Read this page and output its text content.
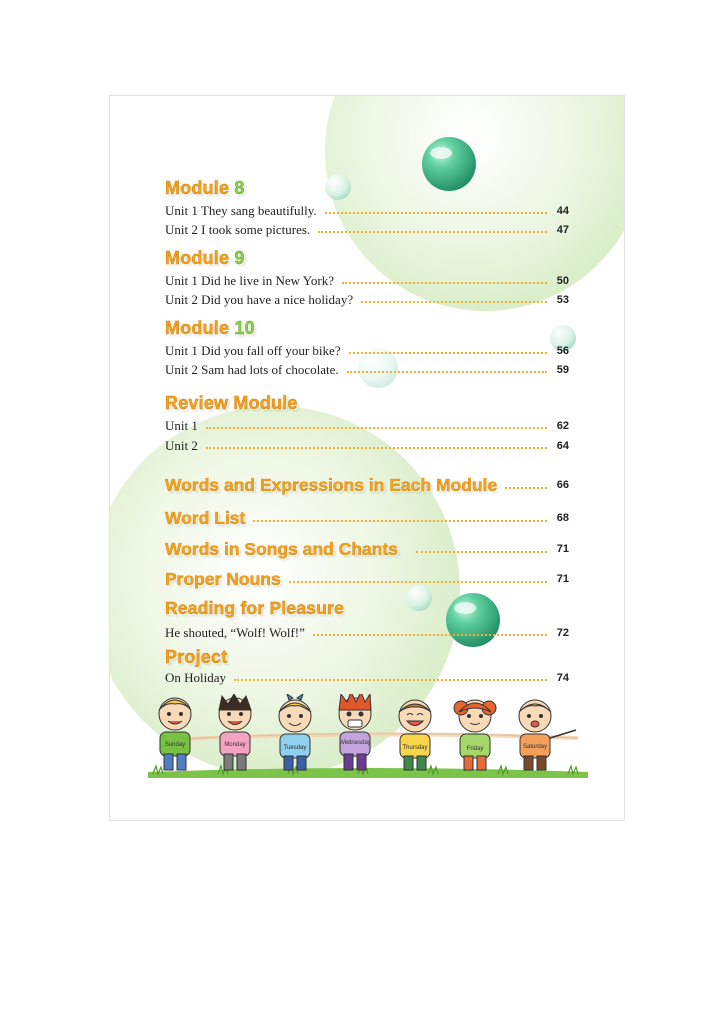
Module 8
Unit 1 They sang beautifully.	44
Unit 2 I took some pictures.	47
Module 9
Unit 1 Did he live in New York?	50
Unit 2 Did you have a nice holiday?	53
Module 10
Unit 1 Did you fall off your bike?	56
Unit 2 Sam had lots of chocolate.	59
Review Module
Unit 1	62
Unit 2	64
Words and Expressions in Each Module	66
Word List	68
Words in Songs and Chants	71
Proper Nouns	71
Reading for Pleasure
He shouted, “Wolf! Wolf!”	72
Project
On Holiday	74
Sunday	Monday	Tuesday
Wednesday
Thursday	Friday	Saturday
